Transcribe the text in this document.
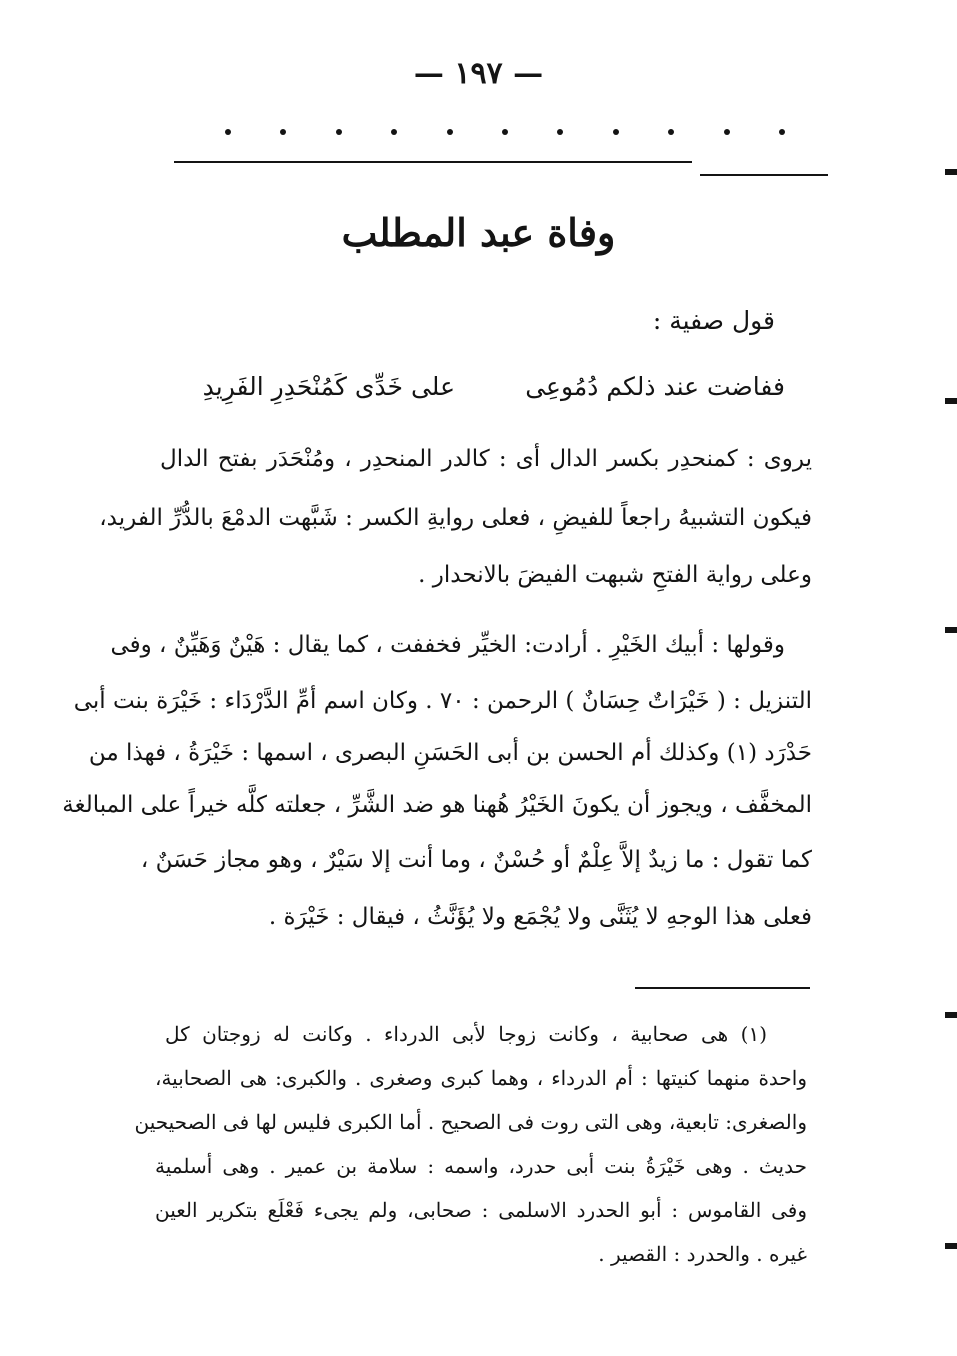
— ١٩٧ —
وفاة عبد المطلب
قول صفية :
ففاضت عند ذلكم دُمُوعِى
على خَدِّى كَمُنْحَدِرِ الفَرِيدِ
يروى : كمنحدِر بكسر الدال أى : كالدر المنحدِر ، ومُنْحَدَر بفتح الدال
فيكون التشبيهُ راجعاً للفيضِ ، فعلى روايةِ الكسر : شَبَّهت الدمْعَ بالدُّرِّ الفريد،
وعلى رواية الفتحِ شبهت الفيضَ بالانحدار .
وقولها : أبيك الخَيْرِ . أرادت: الخيِّر فخففت ، كما يقال : هَيْنٌ وَهَيِّنٌ ، وفى
التنزيل : ( خَيْرَاتٌ حِسَانٌ ) الرحمن : ٧٠ . وكان اسم أمِّ الدَّرْدَاء : خَيْرَة بنت أبى
حَدْرَد (١) وكذلك أم الحسن بن أبى الحَسَنِ البصرى ، اسمها : خَيْرَةُ ، فهذا من
المخفَّف ، ويجوز أن يكونَ الخَيْرُ هُهنا هو ضد الشَّرِّ ، جعلته كلَّه خيراً على المبالغة
كما تقول : ما زيدٌ إلاَّ عِلْمٌ أو حُسْنٌ ، وما أنت إلا سَيْرٌ ، وهو مجاز حَسَنٌ ،
فعلى هذا الوجهِ لا يُثَنَّى ولا يُجْمَع ولا يُؤَنَّثُ ، فيقال : خَيْرَة .
(١) هى صحابية ، وكانت زوجا لأبى الدرداء . وكانت له زوجتان كل
واحدة منهما كنيتها : أم الدرداء ، وهما كبرى وصغرى . والكبرى: هى الصحابية،
والصغرى: تابعية، وهى التى روت فى الصحيح . أما الكبرى فليس لها فى الصحيحين
حديث . وهى خَيْرَةُ بنت أبى حدرد، واسمه : سلامة بن عمير . وهى أسلمية
وفى القاموس : أبو الحدرد الاسلمى : صحابى، ولم يجىء فَعْلَع بتكرير العين
غيره . والحدرد : القصير .
